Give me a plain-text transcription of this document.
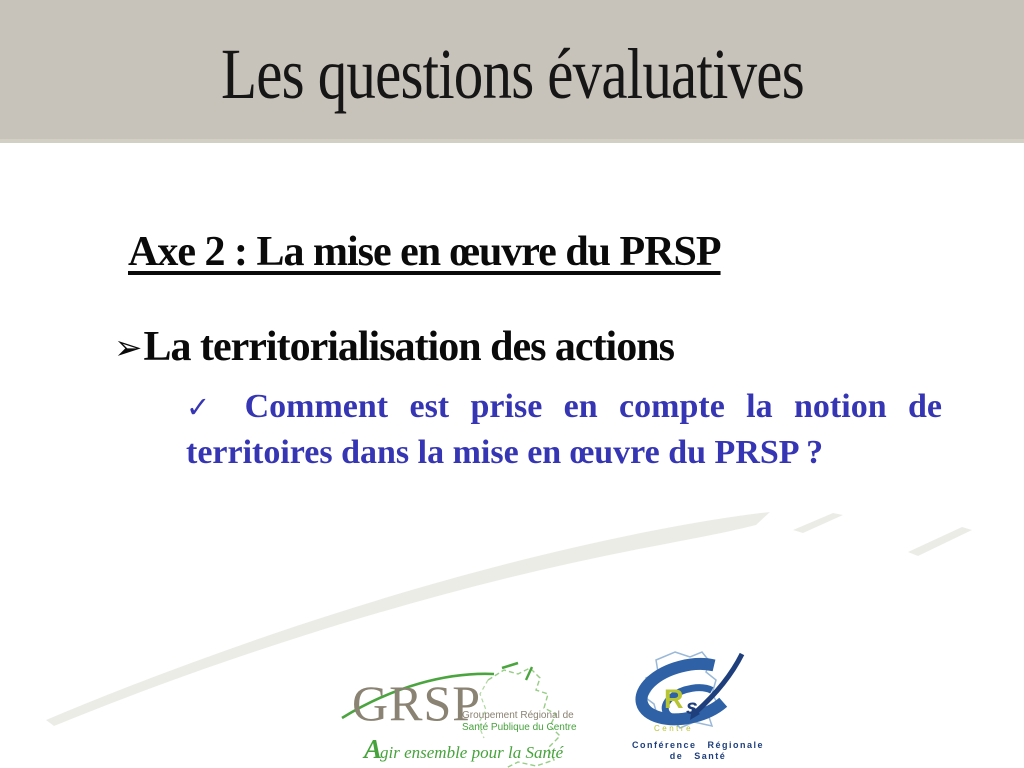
Les questions évaluatives
Axe 2 : La mise en œuvre du PRSP
➢ La territorialisation des actions
✓ Comment est prise en compte la notion de
territoires dans la mise en œuvre du PRSP ?
GRSP
Groupement Régional de
Santé Publique du Centre
Agir ensemble pour la Santé
R s
Centre
Conférence Régionale
de Santé
